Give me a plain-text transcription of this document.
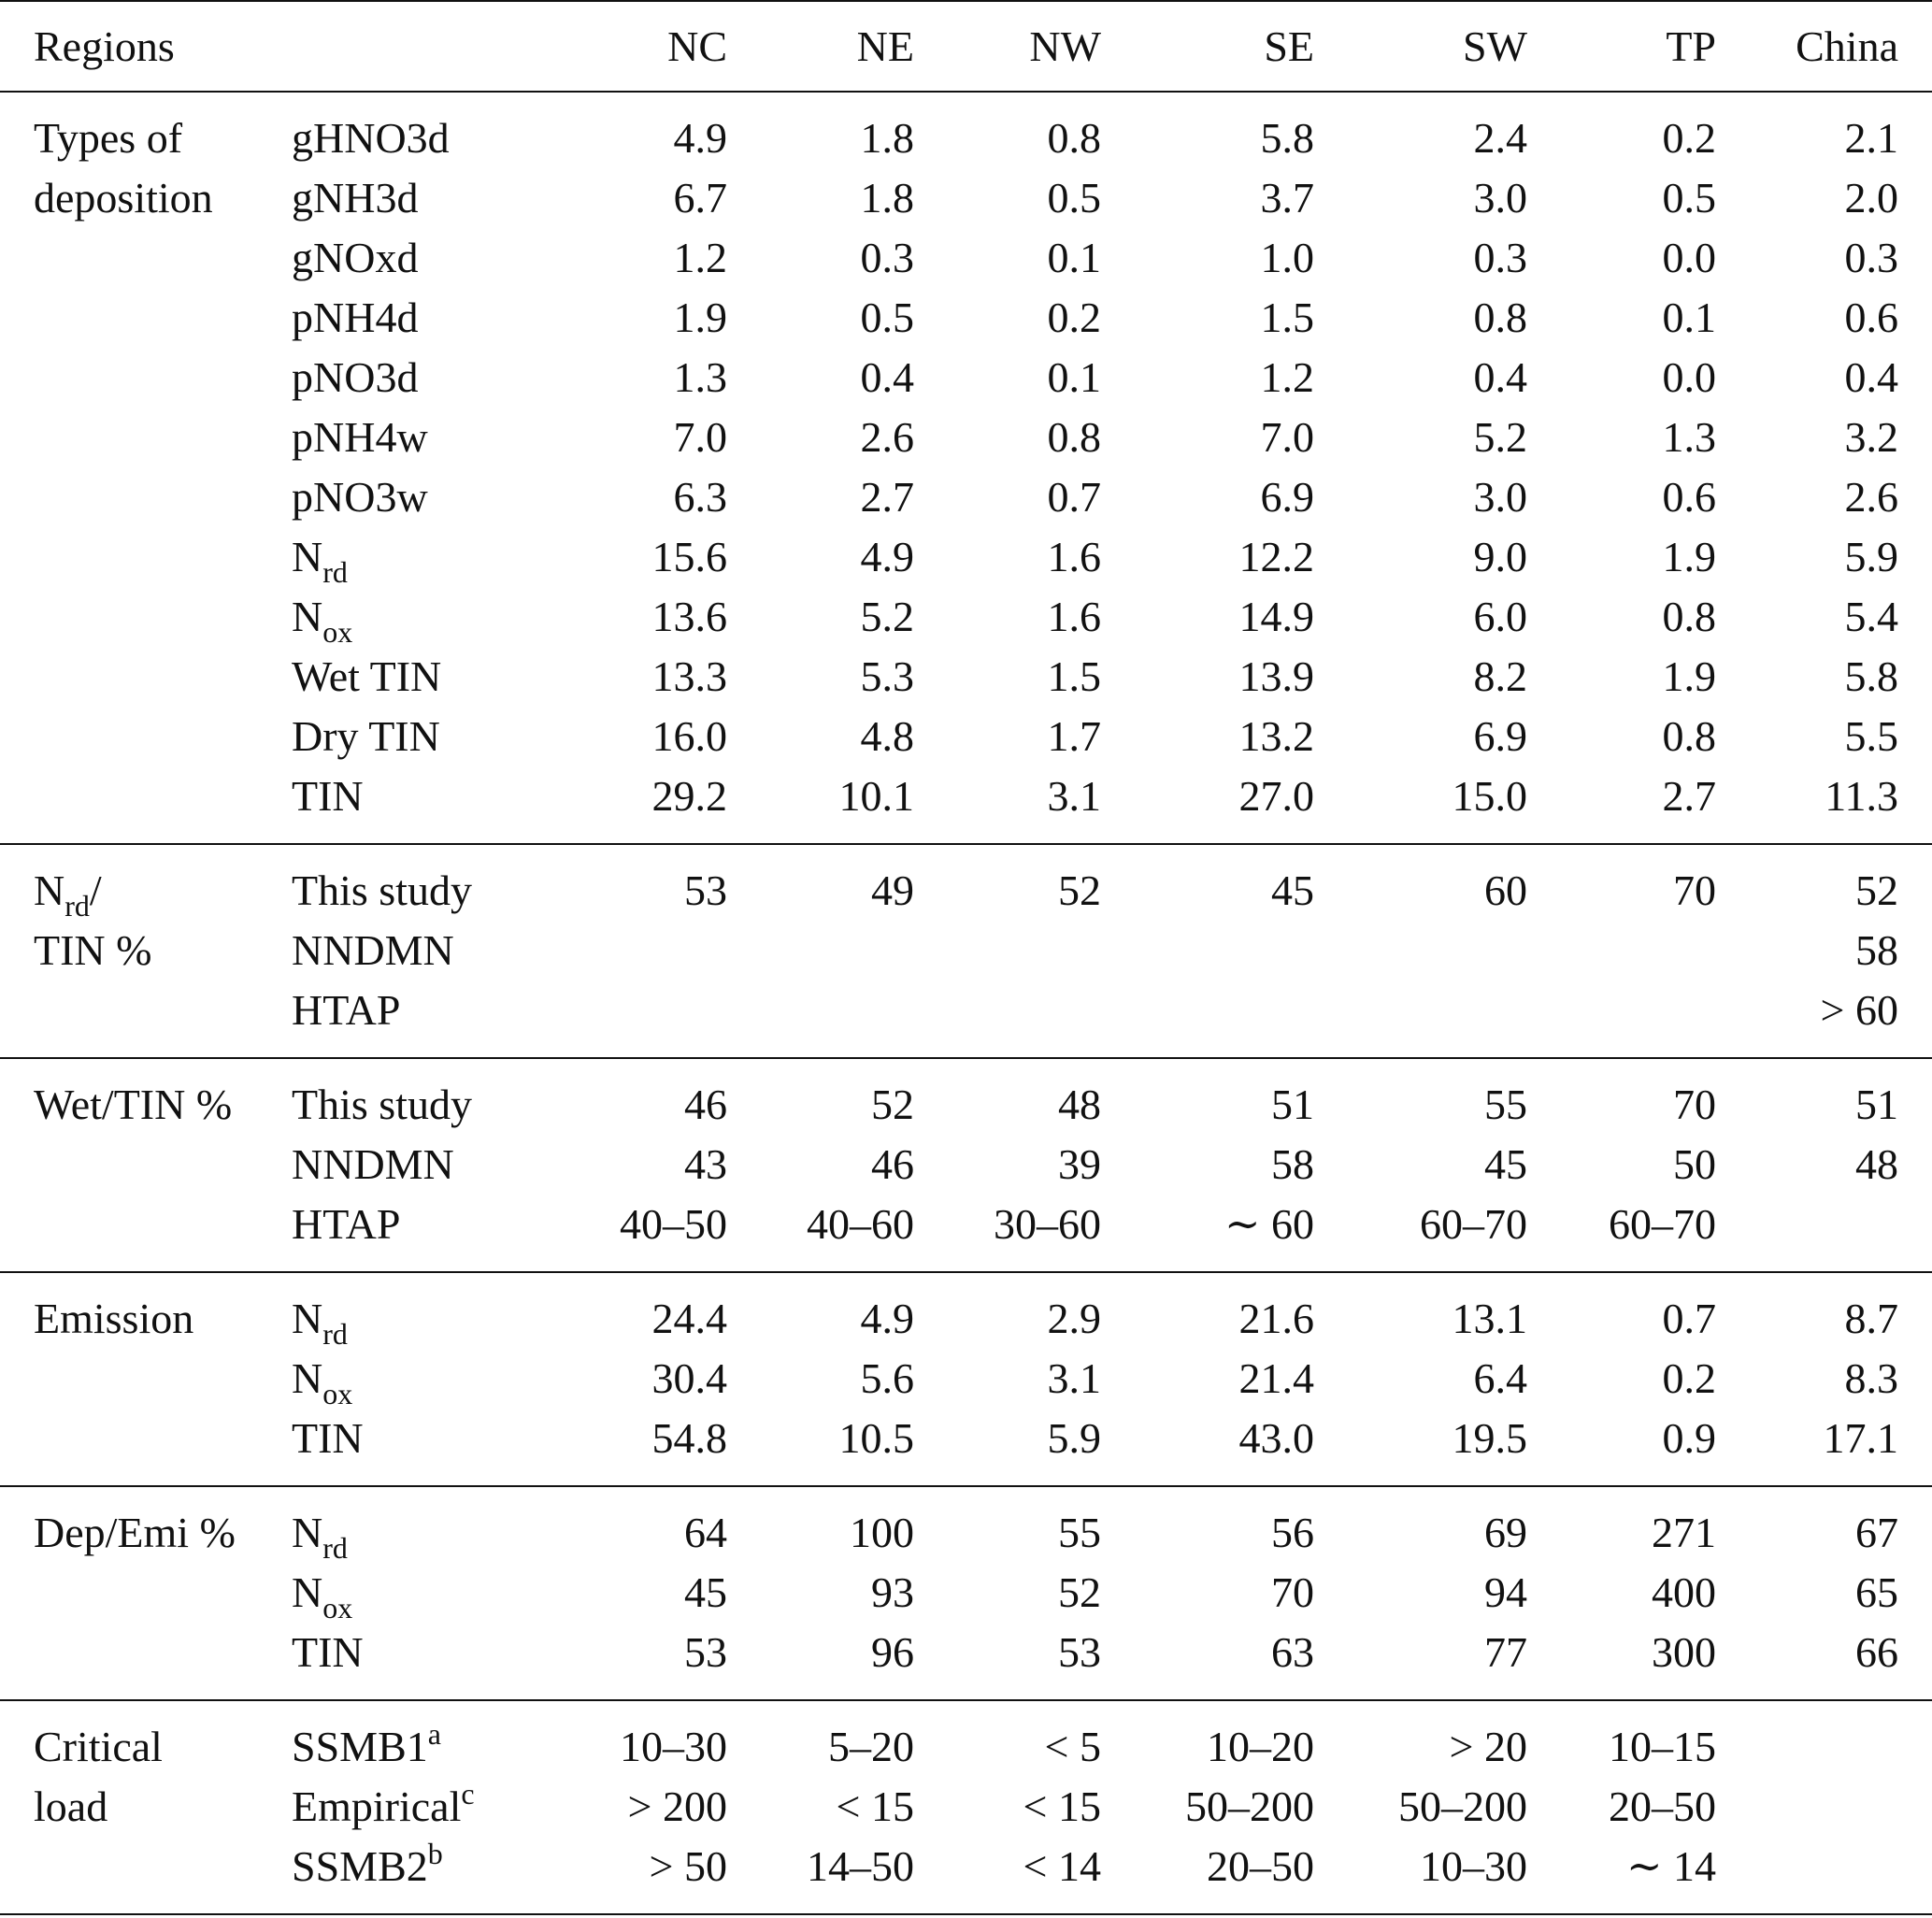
Regions		NC	NE	NW	SE	SW	TP	China
Types of	gHNO3d	4.9	1.8	0.8	5.8	2.4	0.2	2.1
deposition	gNH3d	6.7	1.8	0.5	3.7	3.0	0.5	2.0
	gNOxd	1.2	0.3	0.1	1.0	0.3	0.0	0.3
	pNH4d	1.9	0.5	0.2	1.5	0.8	0.1	0.6
	pNO3d	1.3	0.4	0.1	1.2	0.4	0.0	0.4
	pNH4w	7.0	2.6	0.8	7.0	5.2	1.3	3.2
	pNO3w	6.3	2.7	0.7	6.9	3.0	0.6	2.6
	$N_{rd}$	15.6	4.9	1.6	12.2	9.0	1.9	5.9
	$N_{ox}$	13.6	5.2	1.6	14.9	6.0	0.8	5.4
	Wet TIN	13.3	5.3	1.5	13.9	8.2	1.9	5.8
	Dry TIN	16.0	4.8	1.7	13.2	6.9	0.8	5.5
	TIN	29.2	10.1	3.1	27.0	15.0	2.7	11.3
$N_{rd}/$	This study	53	49	52	45	60	70	52
TIN %	NNDMN							58
	HTAP							> 60
Wet/TIN %	This study	46	52	48	51	55	70	51
	NNDMN	43	46	39	58	45	50	48
	HTAP	40–50	40–60	30–60	∼ 60	60–70	60–70	
Emission	$N_{rd}$	24.4	4.9	2.9	21.6	13.1	0.7	8.7
	$N_{ox}$	30.4	5.6	3.1	21.4	6.4	0.2	8.3
	TIN	54.8	10.5	5.9	43.0	19.5	0.9	17.1
Dep/Emi %	$N_{rd}$	64	100	55	56	69	271	67
	$N_{ox}$	45	93	52	70	94	400	65
	TIN	53	96	53	63	77	300	66
Critical	SSMB1$^a$	10–30	5–20	< 5	10–20	> 20	10–15	
load	Empirical$^c$	> 200	< 15	< 15	50–200	50–200	20–50	
	$SSMB2^b$	> 50	14–50	< 14	20–50	10–30	∼ 14	
